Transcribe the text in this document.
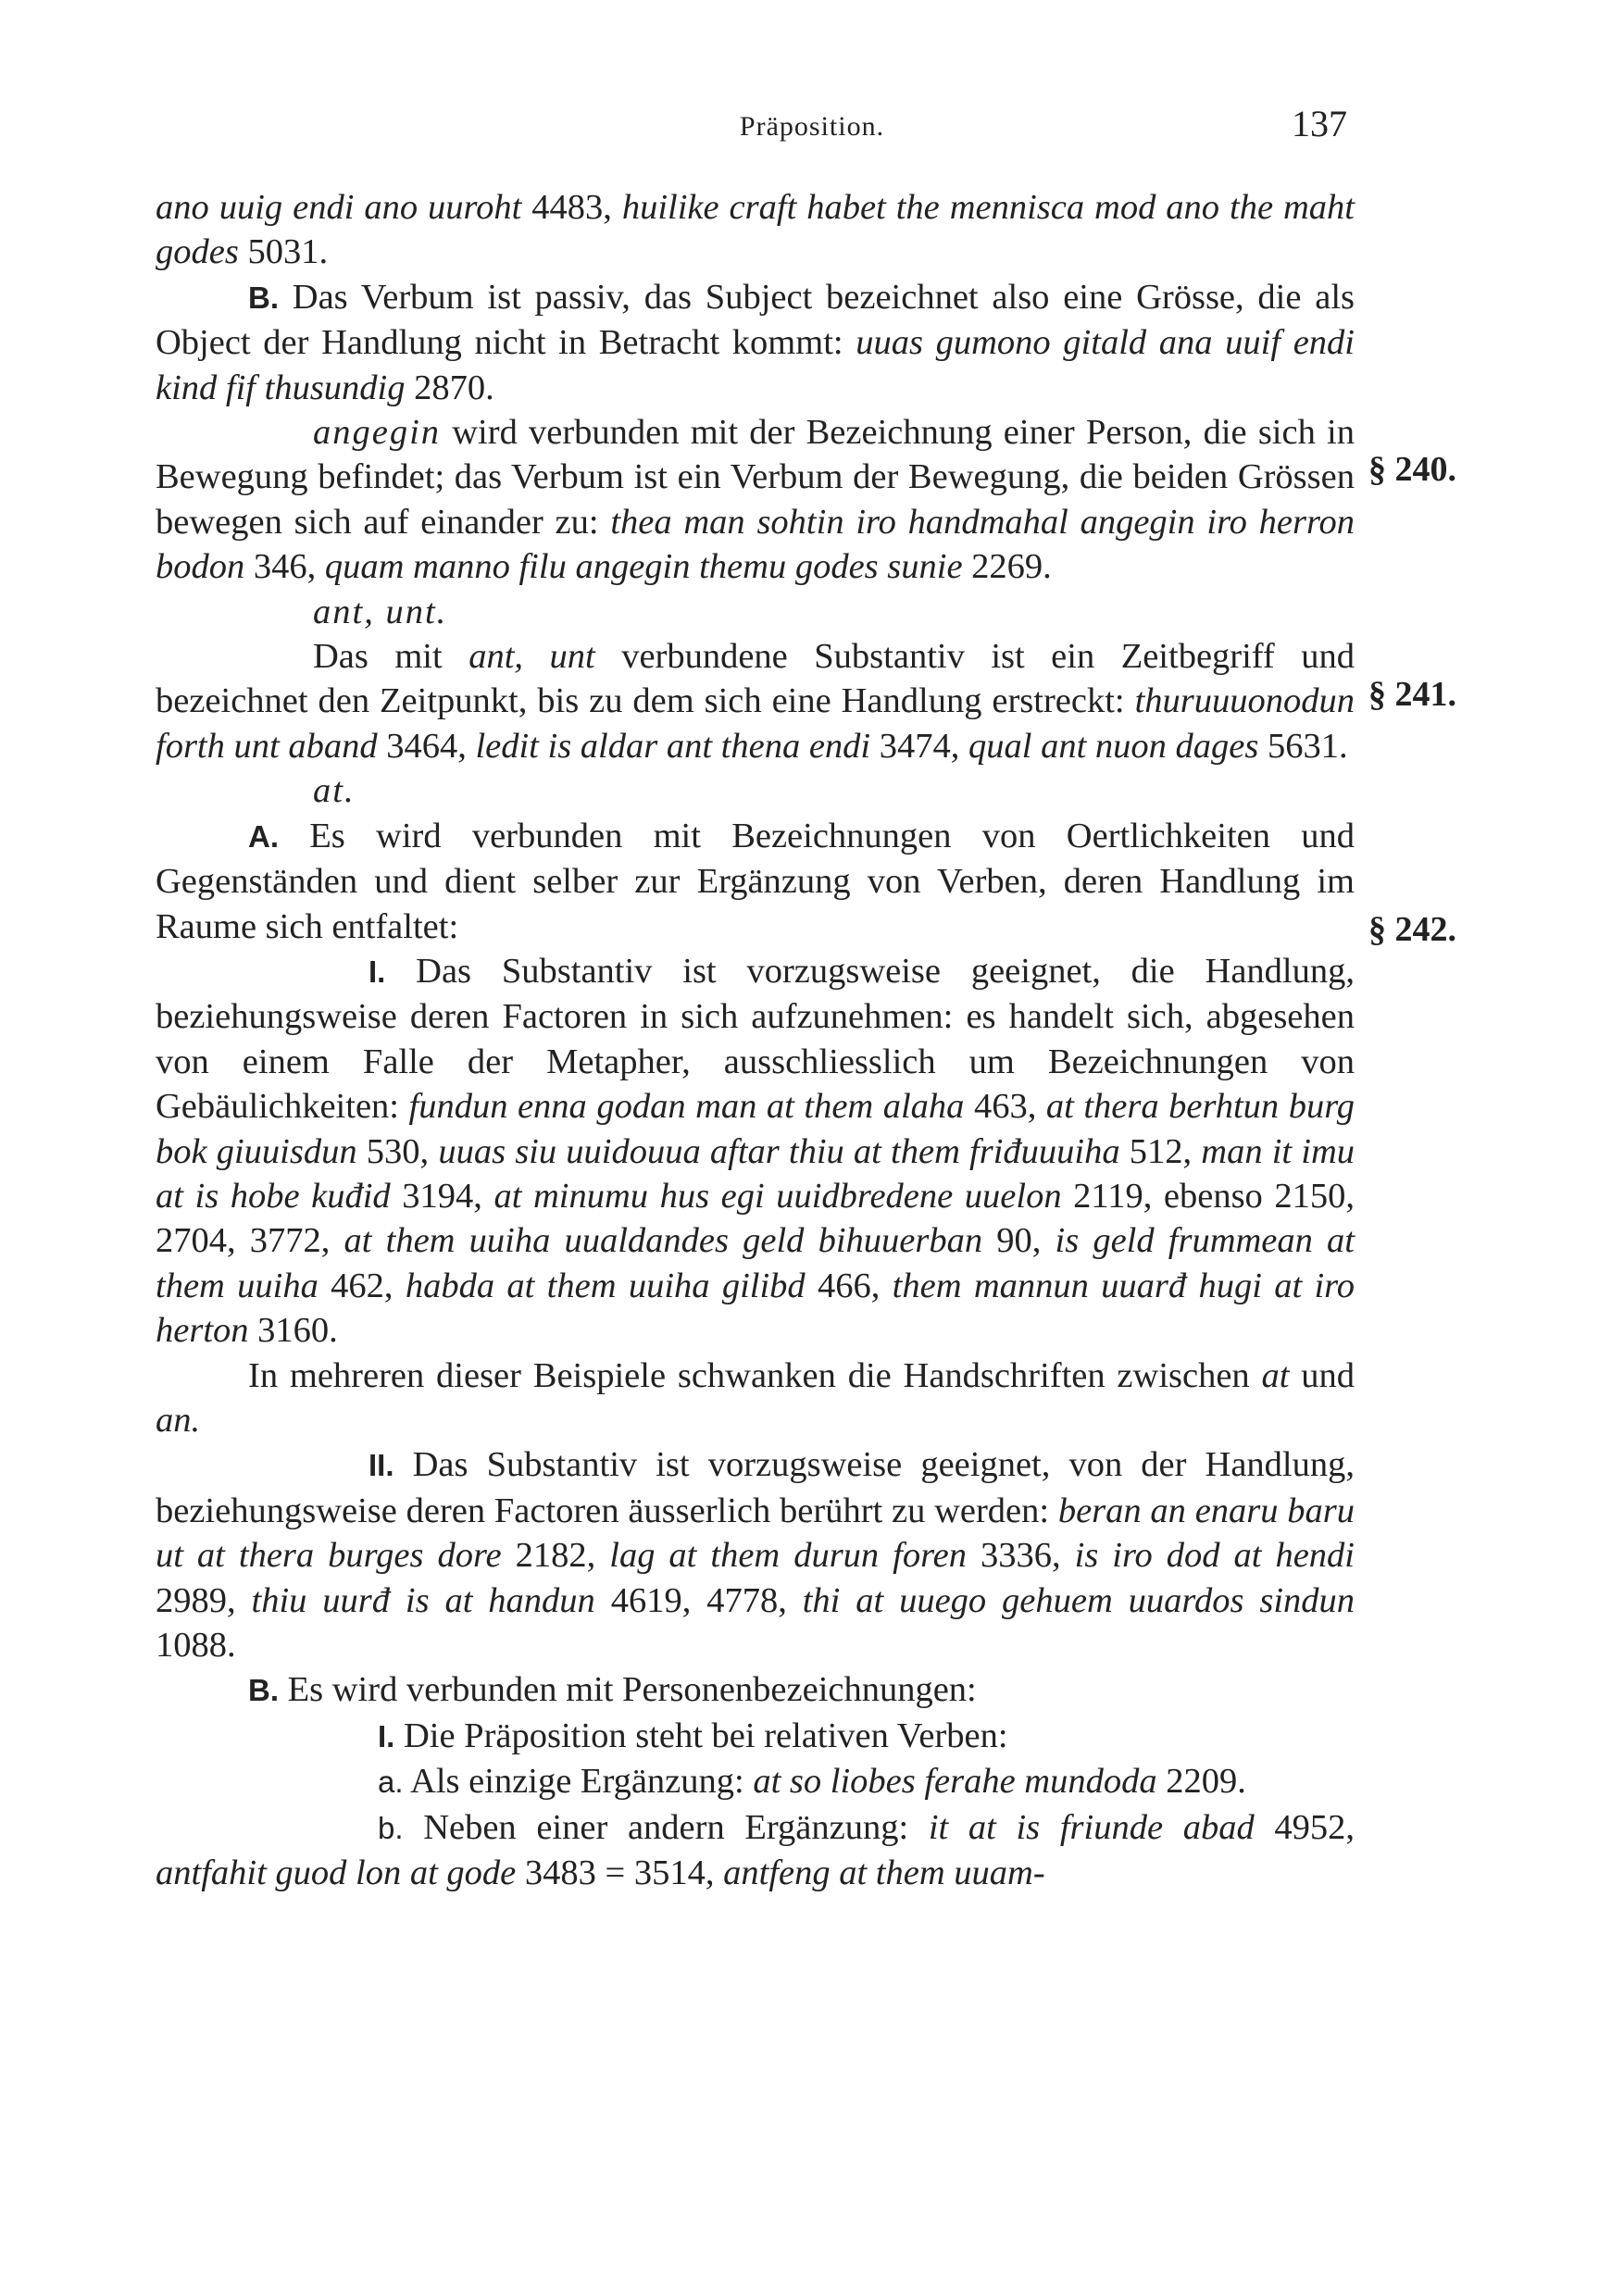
Präposition.	137
§ 240.
§ 241.
§ 242.

ano uuig endi ano uuroht 4483, huilike craft habet the mennisca mod ano the maht godes 5031.

B. Das Verbum ist passiv, das Subject bezeichnet also eine Grösse, die als Object der Handlung nicht in Betracht kommt: uuas gumono gitald ana uuif endi kind fif thusundig 2870.

angegin wird verbunden mit der Bezeichnung einer Person, die sich in Bewegung befindet; das Verbum ist ein Verbum der Bewegung, die beiden Grössen bewegen sich auf einander zu: thea man sohtin iro handmahal angegin iro herron bodon 346, quam manno filu angegin themu godes sunie 2269.

ant, unt.

Das mit ant, unt verbundene Substantiv ist ein Zeitbegriff und bezeichnet den Zeitpunkt, bis zu dem sich eine Handlung erstreckt: thuruuuonodun forth unt aband 3464, ledit is aldar ant thena endi 3474, qual ant nuon dages 5631.

at.

A. Es wird verbunden mit Bezeichnungen von Oertlichkeiten und Gegenständen und dient selber zur Ergänzung von Verben, deren Handlung im Raume sich entfaltet:

I. Das Substantiv ist vorzugsweise geeignet, die Handlung, beziehungsweise deren Factoren in sich aufzunehmen: es handelt sich, abgesehen von einem Falle der Metapher, ausschliesslich um Bezeichnungen von Gebäulichkeiten: fundun enna godan man at them alaha 463, at thera berhtun burg bok giuuisdun 530, uuas siu uuidouua aftar thiu at them friđuuuiha 512, man it imu at is hobe kuđid 3194, at minumu hus egi uuidbredene uuelon 2119, ebenso 2150, 2704, 3772, at them uuiha uualdandes geld bihuuerban 90, is geld frummean at them uuiha 462, habda at them uuiha gilibd 466, them mannun uuarđ hugi at iro herton 3160.

In mehreren dieser Beispiele schwanken die Handschriften zwischen at und an.

II. Das Substantiv ist vorzugsweise geeignet, von der Handlung, beziehungsweise deren Factoren äusserlich berührt zu werden: beran an enaru baru ut at thera burges dore 2182, lag at them durun foren 3336, is iro dod at hendi 2989, thiu uurđ is at handun 4619, 4778, thi at uuego gehuem uuardos sindun 1088.

B. Es wird verbunden mit Personenbezeichnungen:

I. Die Präposition steht bei relativen Verben:

a. Als einzige Ergänzung: at so liobes ferahe mundoda 2209.

b. Neben einer andern Ergänzung: it at is friunde abad 4952, antfahit guod lon at gode 3483 = 3514, antfeng at them uuam-
